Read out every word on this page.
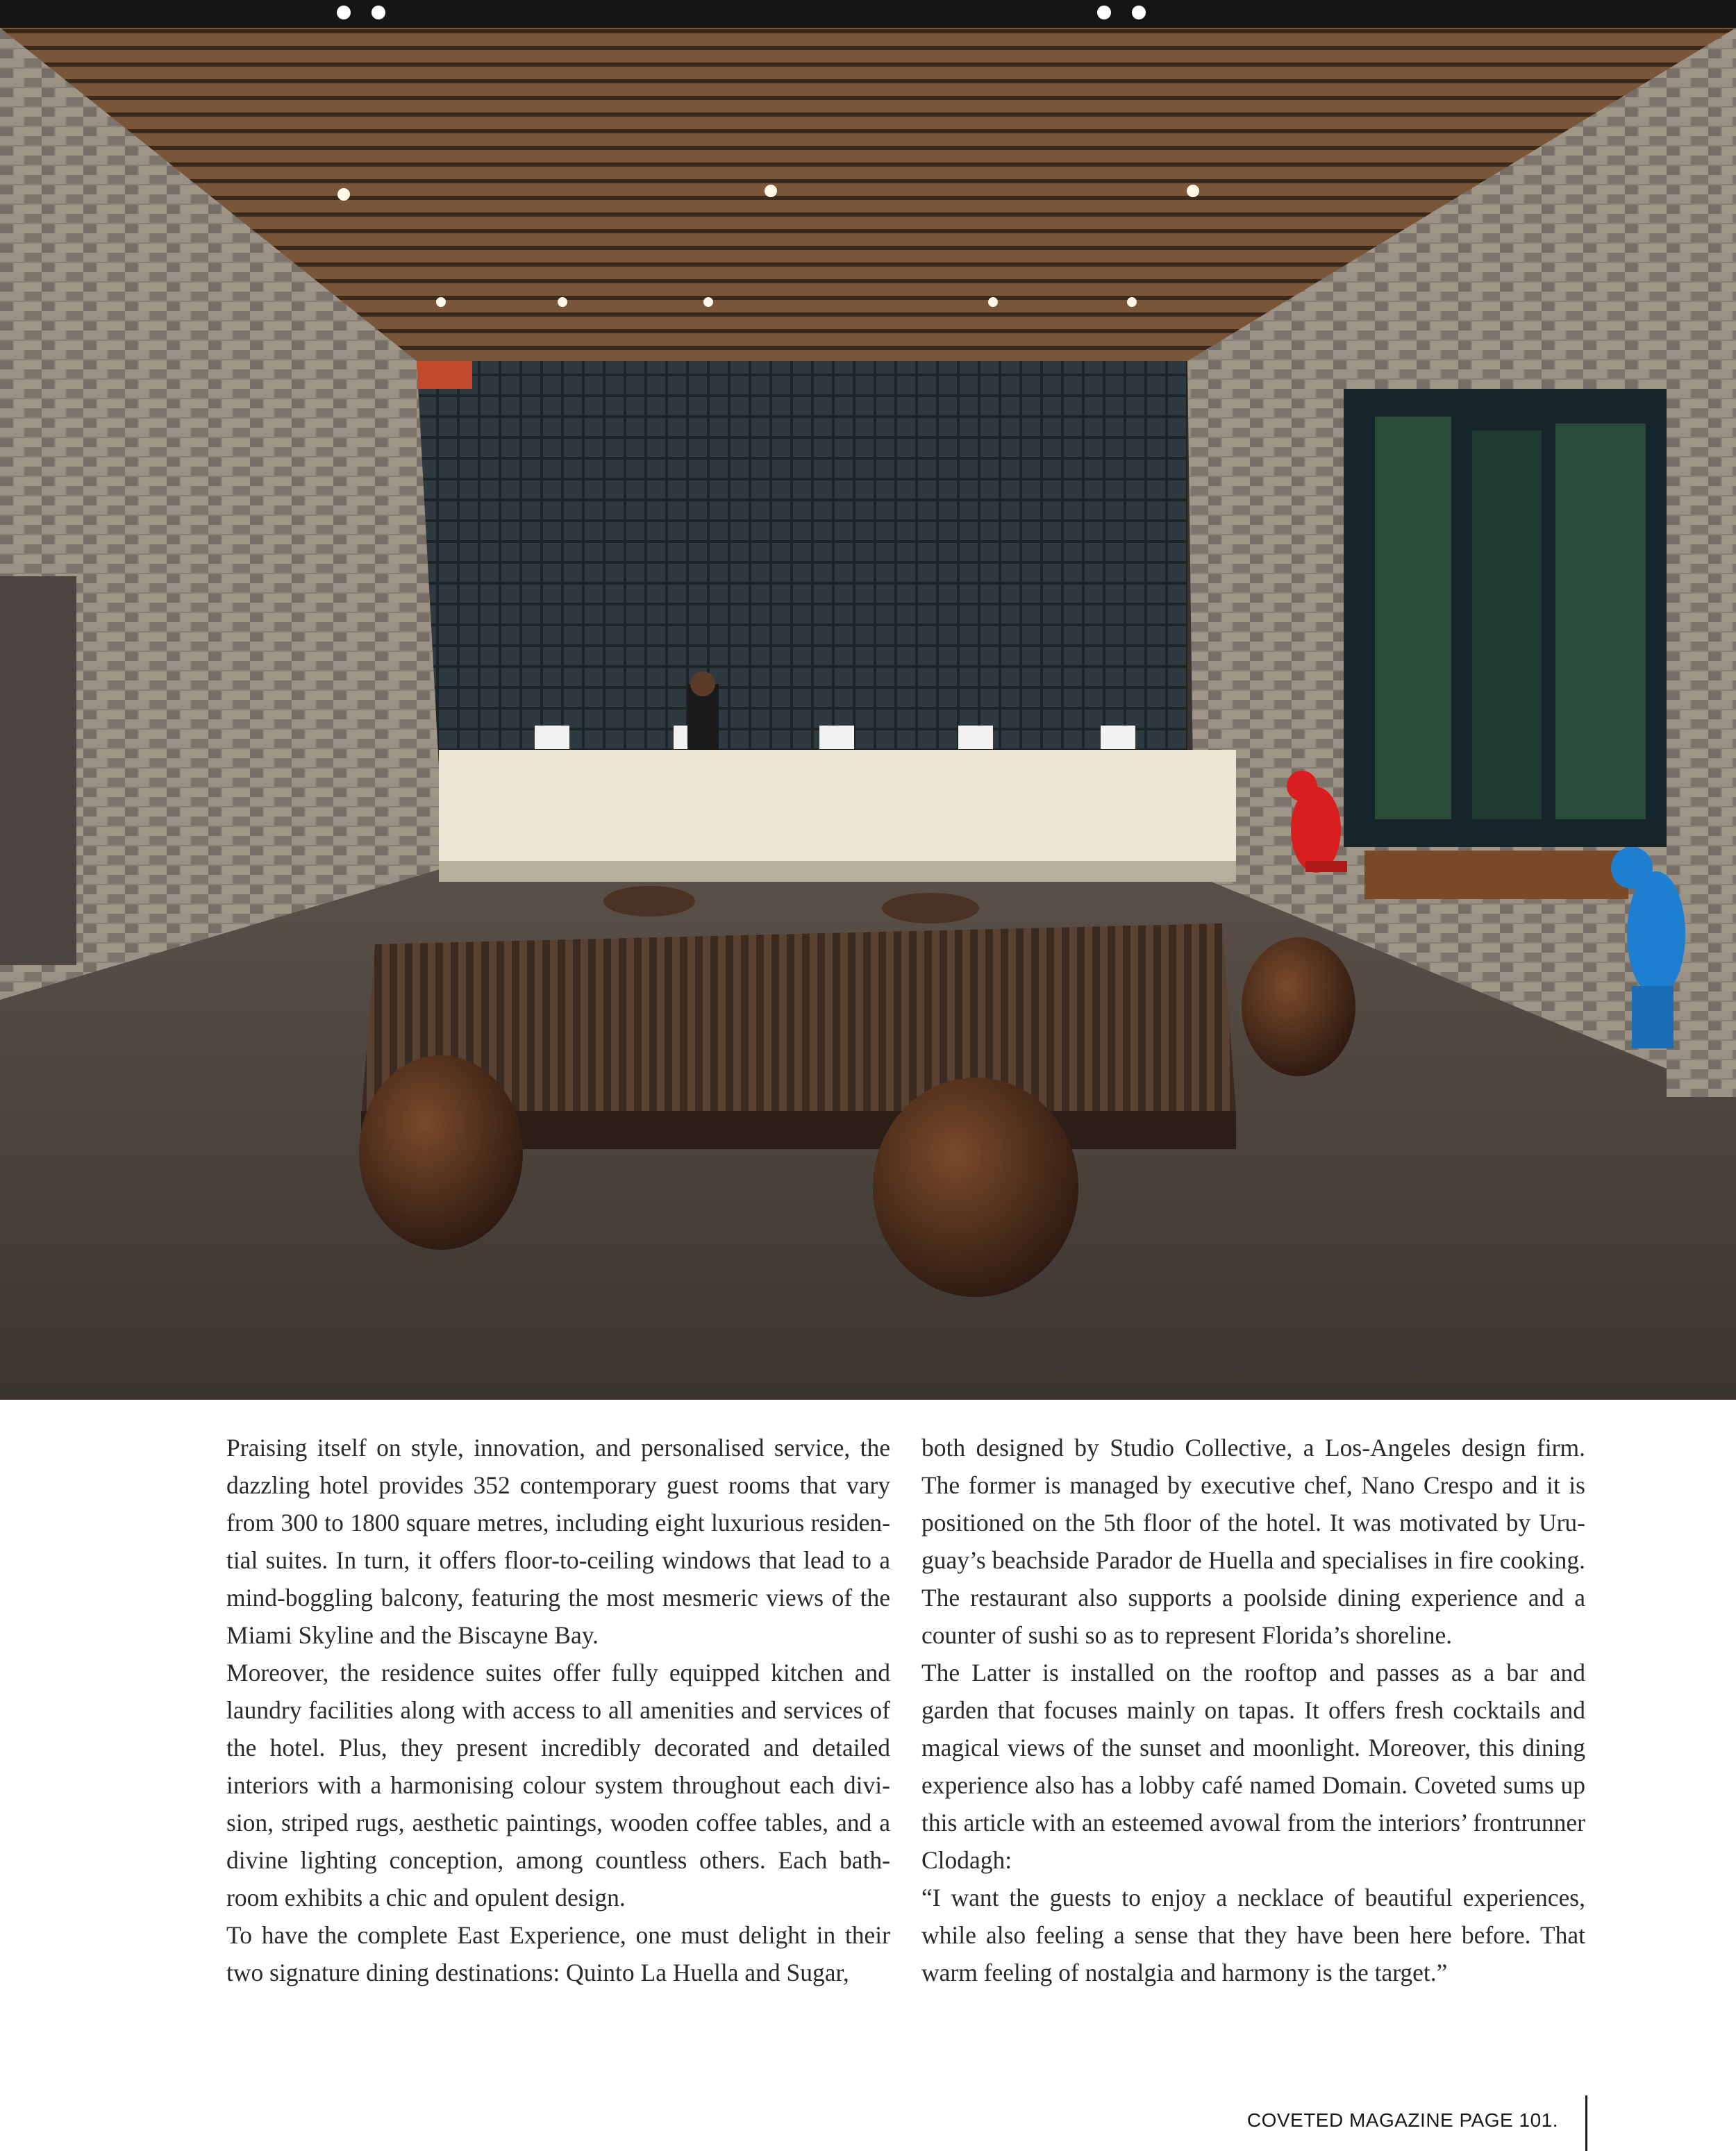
Praising itself on style, innovation, and personalised service, the dazzling hotel provides 352 contemporary guest rooms that vary from 300 to 1800 square metres, including eight luxurious residential suites. In turn, it offers floor-to-ceiling windows that lead to a mind-boggling balcony, featuring the most mesmeric views of the Miami Skyline and the Biscayne Bay.

Moreover, the residence suites offer fully equipped kitchen and laundry facilities along with access to all amenities and services of the hotel. Plus, they present incredibly decorated and detailed interiors with a harmonising colour system throughout each division, striped rugs, aesthetic paintings, wooden coffee tables, and a divine lighting conception, among countless others. Each bathroom exhibits a chic and opulent design.

To have the complete East Experience, one must delight in their two signature dining destinations: Quinto La Huella and Sugar,

both designed by Studio Collective, a Los-Angeles design firm. The former is managed by executive chef, Nano Crespo and it is positioned on the 5th floor of the hotel. It was motivated by Uruguay’s beachside Parador de Huella and specialises in fire cooking. The restaurant also supports a poolside dining experience and a counter of sushi so as to represent Florida’s shoreline.

The Latter is installed on the rooftop and passes as a bar and garden that focuses mainly on tapas. It offers fresh cocktails and magical views of the sunset and moonlight. Moreover, this dining experience also has a lobby café named Domain. Coveted sums up this article with an esteemed avowal from the interiors’ frontrunner Clodagh:

“I want the guests to enjoy a necklace of beautiful experiences, while also feeling a sense that they have been here before. That warm feeling of nostalgia and harmony is the target.”

COVETED MAGAZINE PAGE 101.
